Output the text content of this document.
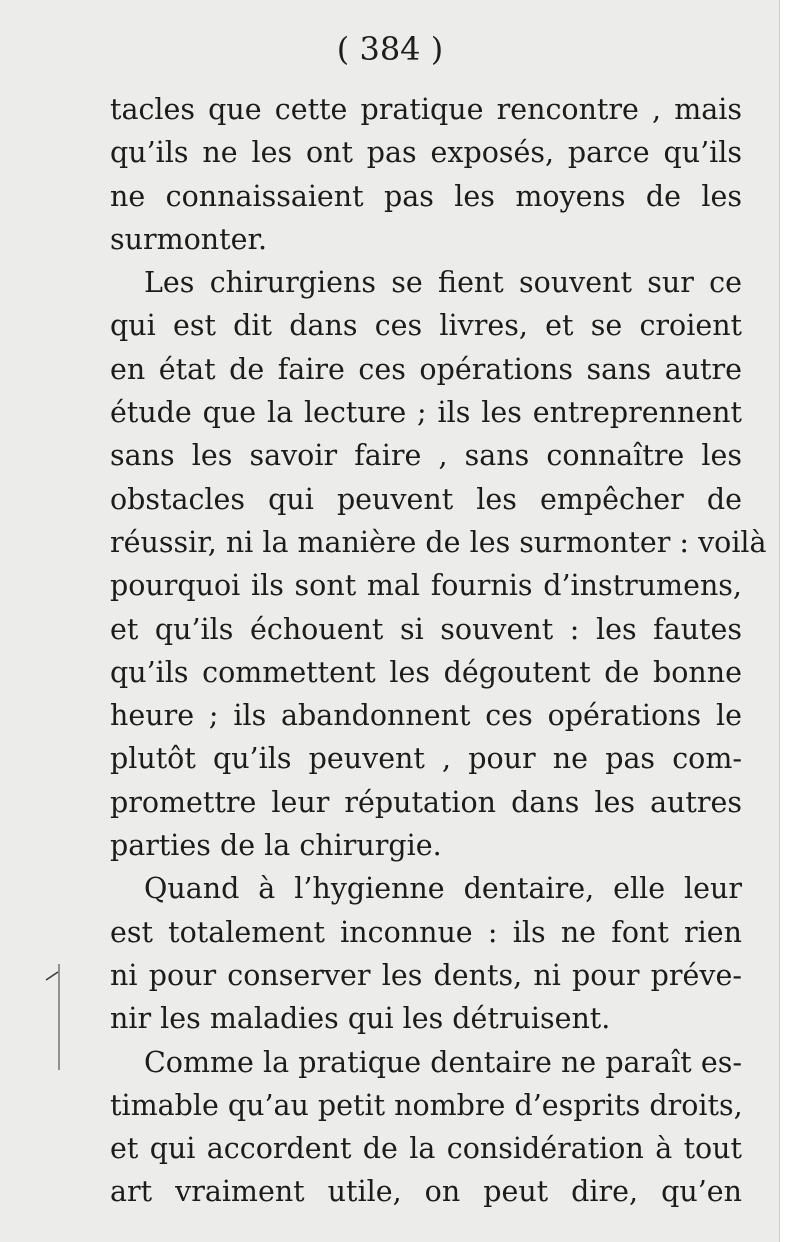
( 384 )
tacles que cette pratique rencontre , mais
qu’ils ne les ont pas exposés, parce qu’ils
ne connaissaient pas les moyens de les
surmonter.
Les chirurgiens se fient souvent sur ce
qui est dit dans ces livres, et se croient
en état de faire ces opérations sans autre
étude que la lecture ; ils les entreprennent
sans les savoir faire , sans connaître les
obstacles qui peuvent les empêcher de
réussir, ni la manière de les surmonter : voilà
pourquoi ils sont mal fournis d’instrumens,
et qu’ils échouent si souvent : les fautes
qu’ils commettent les dégoutent de bonne
heure ; ils abandonnent ces opérations le
plutôt qu’ils peuvent , pour ne pas com-
promettre leur réputation dans les autres
parties de la chirurgie.
Quand à l’hygienne dentaire, elle leur
est totalement inconnue : ils ne font rien
ni pour conserver les dents, ni pour préve-
nir les maladies qui les détruisent.
Comme la pratique dentaire ne paraît es-
timable qu’au petit nombre d’esprits droits,
et qui accordent de la considération à tout
art vraiment utile, on peut dire, qu’en
